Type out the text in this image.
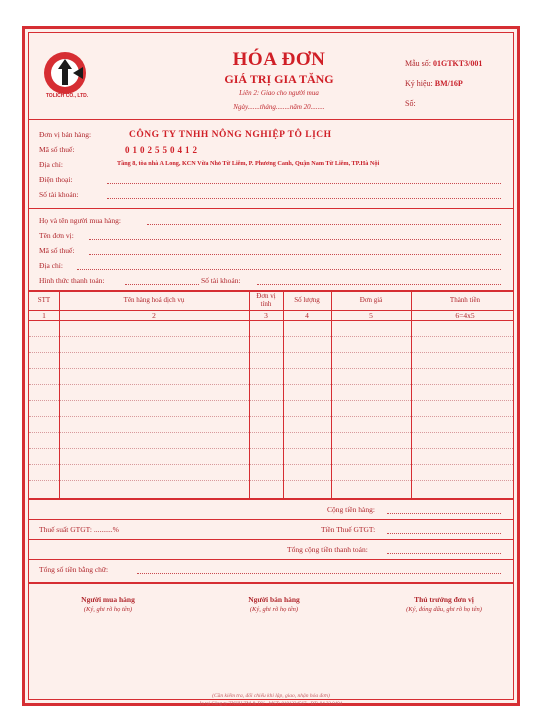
TOLICH CO., LTD.
HÓA ĐƠN
GIÁ TRỊ GIA TĂNG
Liên 2: Giao cho người mua
Ngày.......tháng........năm 20........
Mẫu số: 01GTKT3/001
Ký hiệu: BM/16P
Số:
Đơn vị bán hàng:	CÔNG TY TNHH NÔNG NGHIỆP TÔ LỊCH
Mã số thuế:	0102550412
Địa chỉ:	Tầng 8, tòa nhà A Long, KCN Vừa Nhỏ Từ Liêm, P. Phương Canh, Quận Nam Từ Liêm, TP.Hà Nội
Điện thoại:
Số tài khoản:
Họ và tên người mua hàng:
Tên đơn vị:
Mã số thuế:
Địa chỉ:
Hình thức thanh toán:	Số tài khoản:
STT	Tên hàng hoá dịch vụ	Đơn vị tính	Số lượng	Đơn giá	Thành tiền
1	2	3	4	5	6=4x5
Cộng tiền hàng:
Thuế suất GTGT: ..........%	Tiền Thuế GTGT:
Tổng cộng tiền thanh toán:
Tổng số tiền bằng chữ:
Người mua hàng
(Ký, ghi rõ họ tên)
Người bán hàng
(Ký, ghi rõ họ tên)
Thủ trưởng đơn vị
(Ký, đóng dấu, ghi rõ họ tên)
(Cần kiểm tra, đối chiếu khi lập, giao, nhận hóa đơn)
In tại Công ty TNHH TM & DV - MST: 0101234567 - ĐT: 04.22.0404
